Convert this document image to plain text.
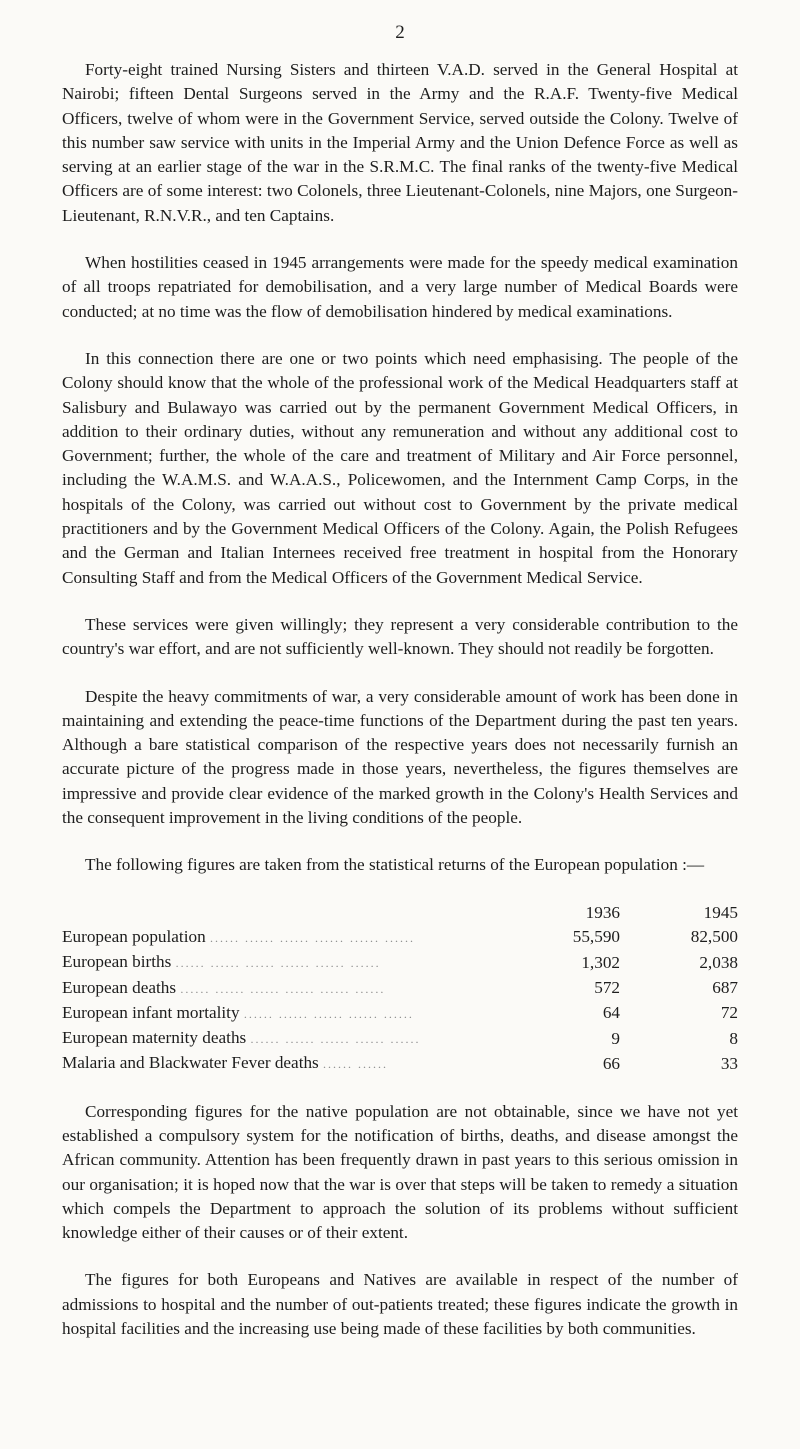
2

Forty-eight trained Nursing Sisters and thirteen V.A.D. served in the General Hospital at Nairobi; fifteen Dental Surgeons served in the Army and the R.A.F. Twenty-five Medical Officers, twelve of whom were in the Government Service, served outside the Colony. Twelve of this number saw service with units in the Imperial Army and the Union Defence Force as well as serving at an earlier stage of the war in the S.R.M.C. The final ranks of the twenty-five Medical Officers are of some interest: two Colonels, three Lieutenant-Colonels, nine Majors, one Surgeon-Lieutenant, R.N.V.R., and ten Captains.

When hostilities ceased in 1945 arrangements were made for the speedy medical examination of all troops repatriated for demobilisation, and a very large number of Medical Boards were conducted; at no time was the flow of demobilisation hindered by medical examinations.

In this connection there are one or two points which need emphasising. The people of the Colony should know that the whole of the professional work of the Medical Headquarters staff at Salisbury and Bulawayo was carried out by the permanent Government Medical Officers, in addition to their ordinary duties, without any remuneration and without any additional cost to Government; further, the whole of the care and treatment of Military and Air Force personnel, including the W.A.M.S. and W.A.A.S., Policewomen, and the Internment Camp Corps, in the hospitals of the Colony, was carried out without cost to Government by the private medical practitioners and by the Government Medical Officers of the Colony. Again, the Polish Refugees and the German and Italian Internees received free treatment in hospital from the Honorary Consulting Staff and from the Medical Officers of the Government Medical Service.

These services were given willingly; they represent a very considerable contribution to the country's war effort, and are not sufficiently well-known. They should not readily be forgotten.

Despite the heavy commitments of war, a very considerable amount of work has been done in maintaining and extending the peace-time functions of the Department during the past ten years. Although a bare statistical comparison of the respective years does not necessarily furnish an accurate picture of the progress made in those years, nevertheless, the figures themselves are impressive and provide clear evidence of the marked growth in the Colony's Health Services and the consequent improvement in the living conditions of the people.

The following figures are taken from the statistical returns of the European population :—

	1936	1945
European population ...... ...... ...... ...... ...... ......	55,590	82,500
European births ...... ...... ...... ...... ...... ......	1,302	2,038
European deaths ...... ...... ...... ...... ...... ......	572	687
European infant mortality ...... ...... ...... ...... ......	64	72
European maternity deaths ...... ...... ...... ...... ......	9	8
Malaria and Blackwater Fever deaths ...... ......	66	33

Corresponding figures for the native population are not obtainable, since we have not yet established a compulsory system for the notification of births, deaths, and disease amongst the African community. Attention has been frequently drawn in past years to this serious omission in our organisation; it is hoped now that the war is over that steps will be taken to remedy a situation which compels the Department to approach the solution of its problems without sufficient knowledge either of their causes or of their extent.

The figures for both Europeans and Natives are available in respect of the number of admissions to hospital and the number of out-patients treated; these figures indicate the growth in hospital facilities and the increasing use being made of these facilities by both communities.
